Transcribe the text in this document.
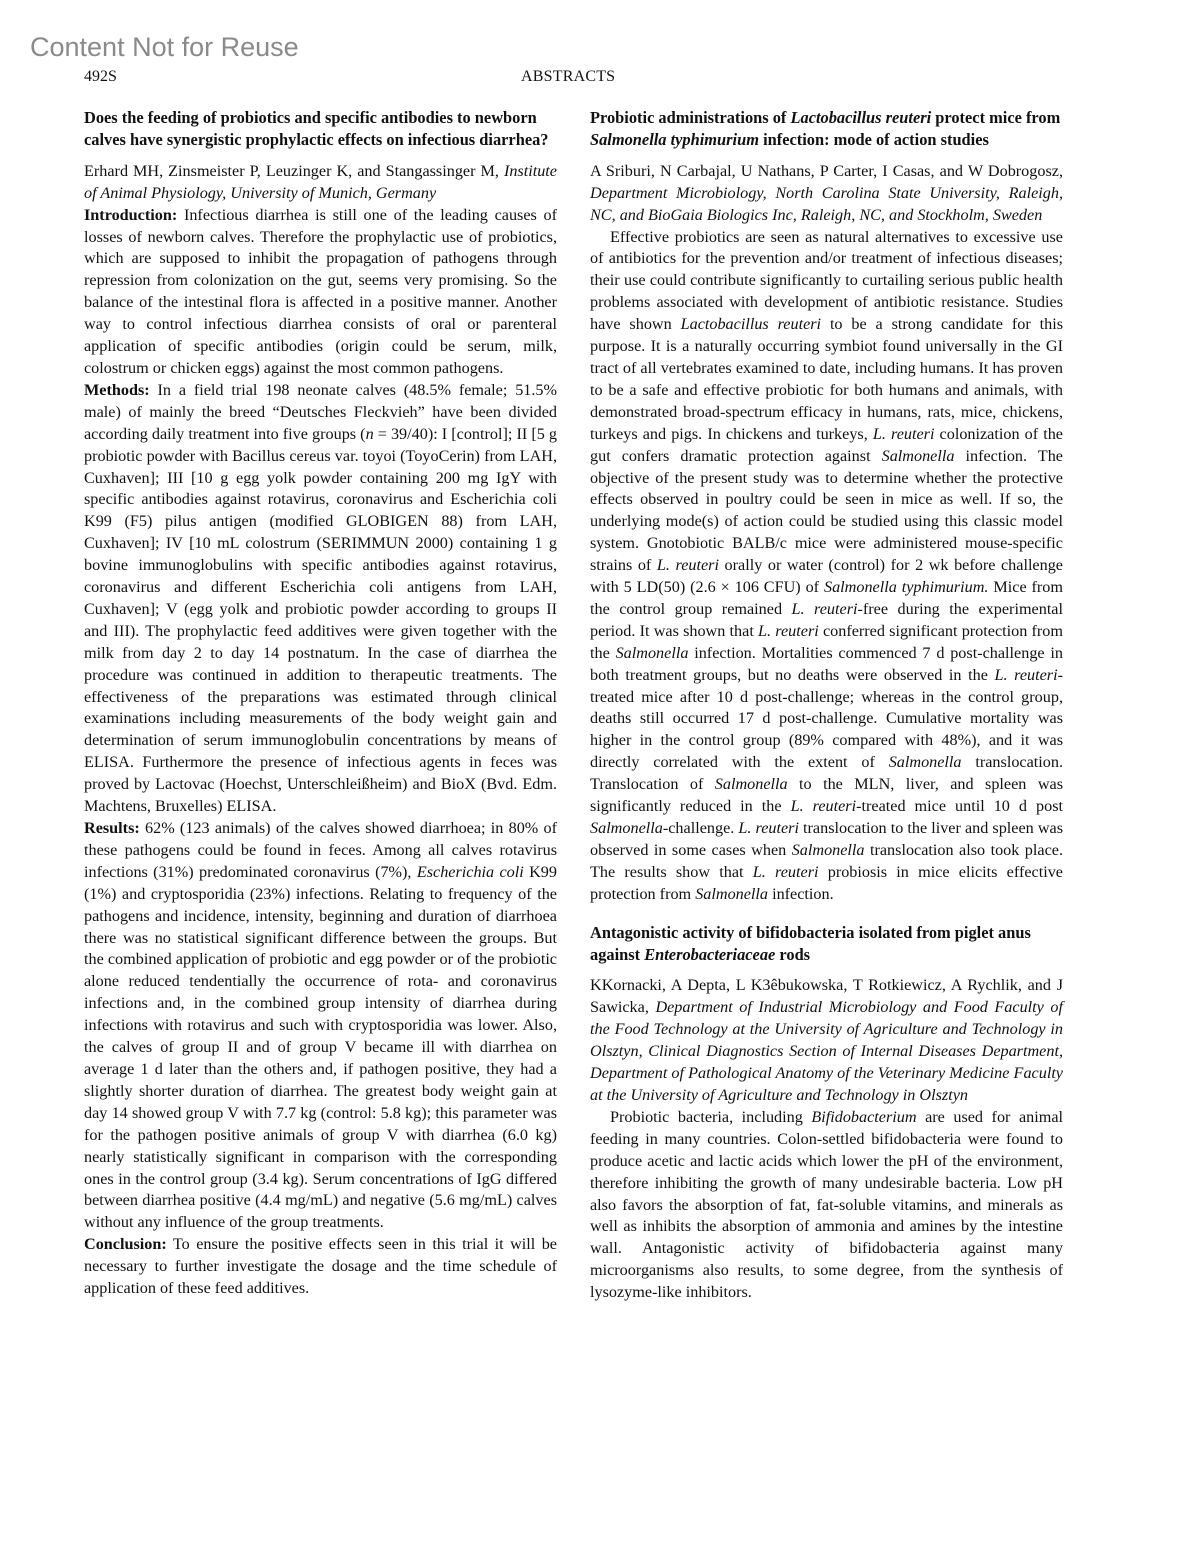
Content Not for Reuse
492S	ABSTRACTS
Does the feeding of probiotics and specific antibodies to newborn calves have synergistic prophylactic effects on infectious diarrhea?

Erhard MH, Zinsmeister P, Leuzinger K, and Stangassinger M, Institute of Animal Physiology, University of Munich, Germany

Introduction: Infectious diarrhea is still one of the leading causes of losses of newborn calves. Therefore the prophylactic use of probiotics, which are supposed to inhibit the propagation of pathogens through repression from colonization on the gut, seems very promising. So the balance of the intestinal flora is affected in a positive manner. Another way to control infectious diarrhea consists of oral or parenteral application of specific antibodies (origin could be serum, milk, colostrum or chicken eggs) against the most common pathogens.

Methods: In a field trial 198 neonate calves (48.5% female; 51.5% male) of mainly the breed “Deutsches Fleckvieh” have been divided according daily treatment into five groups (n = 39/40): I [control]; II [5 g probiotic powder with Bacillus cereus var. toyoi (ToyoCerin) from LAH, Cuxhaven]; III [10 g egg yolk powder containing 200 mg IgY with specific antibodies against rotavirus, coronavirus and Escherichia coli K99 (F5) pilus antigen (modified GLOBIGEN 88) from LAH, Cuxhaven]; IV [10 mL colostrum (SERIMMUN 2000) containing 1 g bovine immunoglobulins with specific antibodies against rotavirus, coronavirus and different Escherichia coli antigens from LAH, Cuxhaven]; V (egg yolk and probiotic powder according to groups II and III). The prophylactic feed additives were given together with the milk from day 2 to day 14 postnatum. In the case of diarrhea the procedure was continued in addition to therapeutic treatments. The effectiveness of the preparations was estimated through clinical examinations including measurements of the body weight gain and determination of serum immunoglobulin concentrations by means of ELISA. Furthermore the presence of infectious agents in feces was proved by Lactovac (Hoechst, Unterschleißheim) and BioX (Bvd. Edm. Machtens, Bruxelles) ELISA.

Results: 62% (123 animals) of the calves showed diarrhoea; in 80% of these pathogens could be found in feces. Among all calves rotavirus infections (31%) predominated coronavirus (7%), Escherichia coli K99 (1%) and cryptosporidia (23%) infections. Relating to frequency of the pathogens and incidence, intensity, beginning and duration of diarrhoea there was no statistical significant difference between the groups. But the combined application of probiotic and egg powder or of the probiotic alone reduced tendentially the occurrence of rota- and coronavirus infections and, in the combined group intensity of diarrhea during infections with rotavirus and such with cryptosporidia was lower. Also, the calves of group II and of group V became ill with diarrhea on average 1 d later than the others and, if pathogen positive, they had a slightly shorter duration of diarrhea. The greatest body weight gain at day 14 showed group V with 7.7 kg (control: 5.8 kg); this parameter was for the pathogen positive animals of group V with diarrhea (6.0 kg) nearly statistically significant in comparison with the corresponding ones in the control group (3.4 kg). Serum concentrations of IgG differed between diarrhea positive (4.4 mg/mL) and negative (5.6 mg/mL) calves without any influence of the group treatments.

Conclusion: To ensure the positive effects seen in this trial it will be necessary to further investigate the dosage and the time schedule of application of these feed additives.

Probiotic administrations of Lactobacillus reuteri protect mice from Salmonella typhimurium infection: mode of action studies

A Sriburi, N Carbajal, U Nathans, P Carter, I Casas, and W Dobrogosz, Department Microbiology, North Carolina State University, Raleigh, NC, and BioGaia Biologics Inc, Raleigh, NC, and Stockholm, Sweden

Effective probiotics are seen as natural alternatives to excessive use of antibiotics for the prevention and/or treatment of infectious diseases; their use could contribute significantly to curtailing serious public health problems associated with development of antibiotic resistance. Studies have shown Lactobacillus reuteri to be a strong candidate for this purpose. It is a naturally occurring symbiot found universally in the GI tract of all vertebrates examined to date, including humans. It has proven to be a safe and effective probiotic for both humans and animals, with demonstrated broad-spectrum efficacy in humans, rats, mice, chickens, turkeys and pigs. In chickens and turkeys, L. reuteri colonization of the gut confers dramatic protection against Salmonella infection. The objective of the present study was to determine whether the protective effects observed in poultry could be seen in mice as well. If so, the underlying mode(s) of action could be studied using this classic model system. Gnotobiotic BALB/c mice were administered mouse-specific strains of L. reuteri orally or water (control) for 2 wk before challenge with 5 LD(50) (2.6 × 106 CFU) of Salmonella typhimurium. Mice from the control group remained L. reuteri-free during the experimental period. It was shown that L. reuteri conferred significant protection from the Salmonella infection. Mortalities commenced 7 d post-challenge in both treatment groups, but no deaths were observed in the L. reuteri-treated mice after 10 d post-challenge; whereas in the control group, deaths still occurred 17 d post-challenge. Cumulative mortality was higher in the control group (89% compared with 48%), and it was directly correlated with the extent of Salmonella translocation. Translocation of Salmonella to the MLN, liver, and spleen was significantly reduced in the L. reuteri-treated mice until 10 d post Salmonella-challenge. L. reuteri translocation to the liver and spleen was observed in some cases when Salmonella translocation also took place. The results show that L. reuteri probiosis in mice elicits effective protection from Salmonella infection.

Antagonistic activity of bifidobacteria isolated from piglet anus against Enterobacteriaceae rods

KKornacki, A Depta, L K3êbukowska, T Rotkiewicz, A Rychlik, and J Sawicka, Department of Industrial Microbiology and Food Faculty of the Food Technology at the University of Agriculture and Technology in Olsztyn, Clinical Diagnostics Section of Internal Diseases Department, Department of Pathological Anatomy of the Veterinary Medicine Faculty at the University of Agriculture and Technology in Olsztyn

Probiotic bacteria, including Bifidobacterium are used for animal feeding in many countries. Colon-settled bifidobacteria were found to produce acetic and lactic acids which lower the pH of the environment, therefore inhibiting the growth of many undesirable bacteria. Low pH also favors the absorption of fat, fat-soluble vitamins, and minerals as well as inhibits the absorption of ammonia and amines by the intestine wall. Antagonistic activity of bifidobacteria against many microorganisms also results, to some degree, from the synthesis of lysozyme-like inhibitors.
